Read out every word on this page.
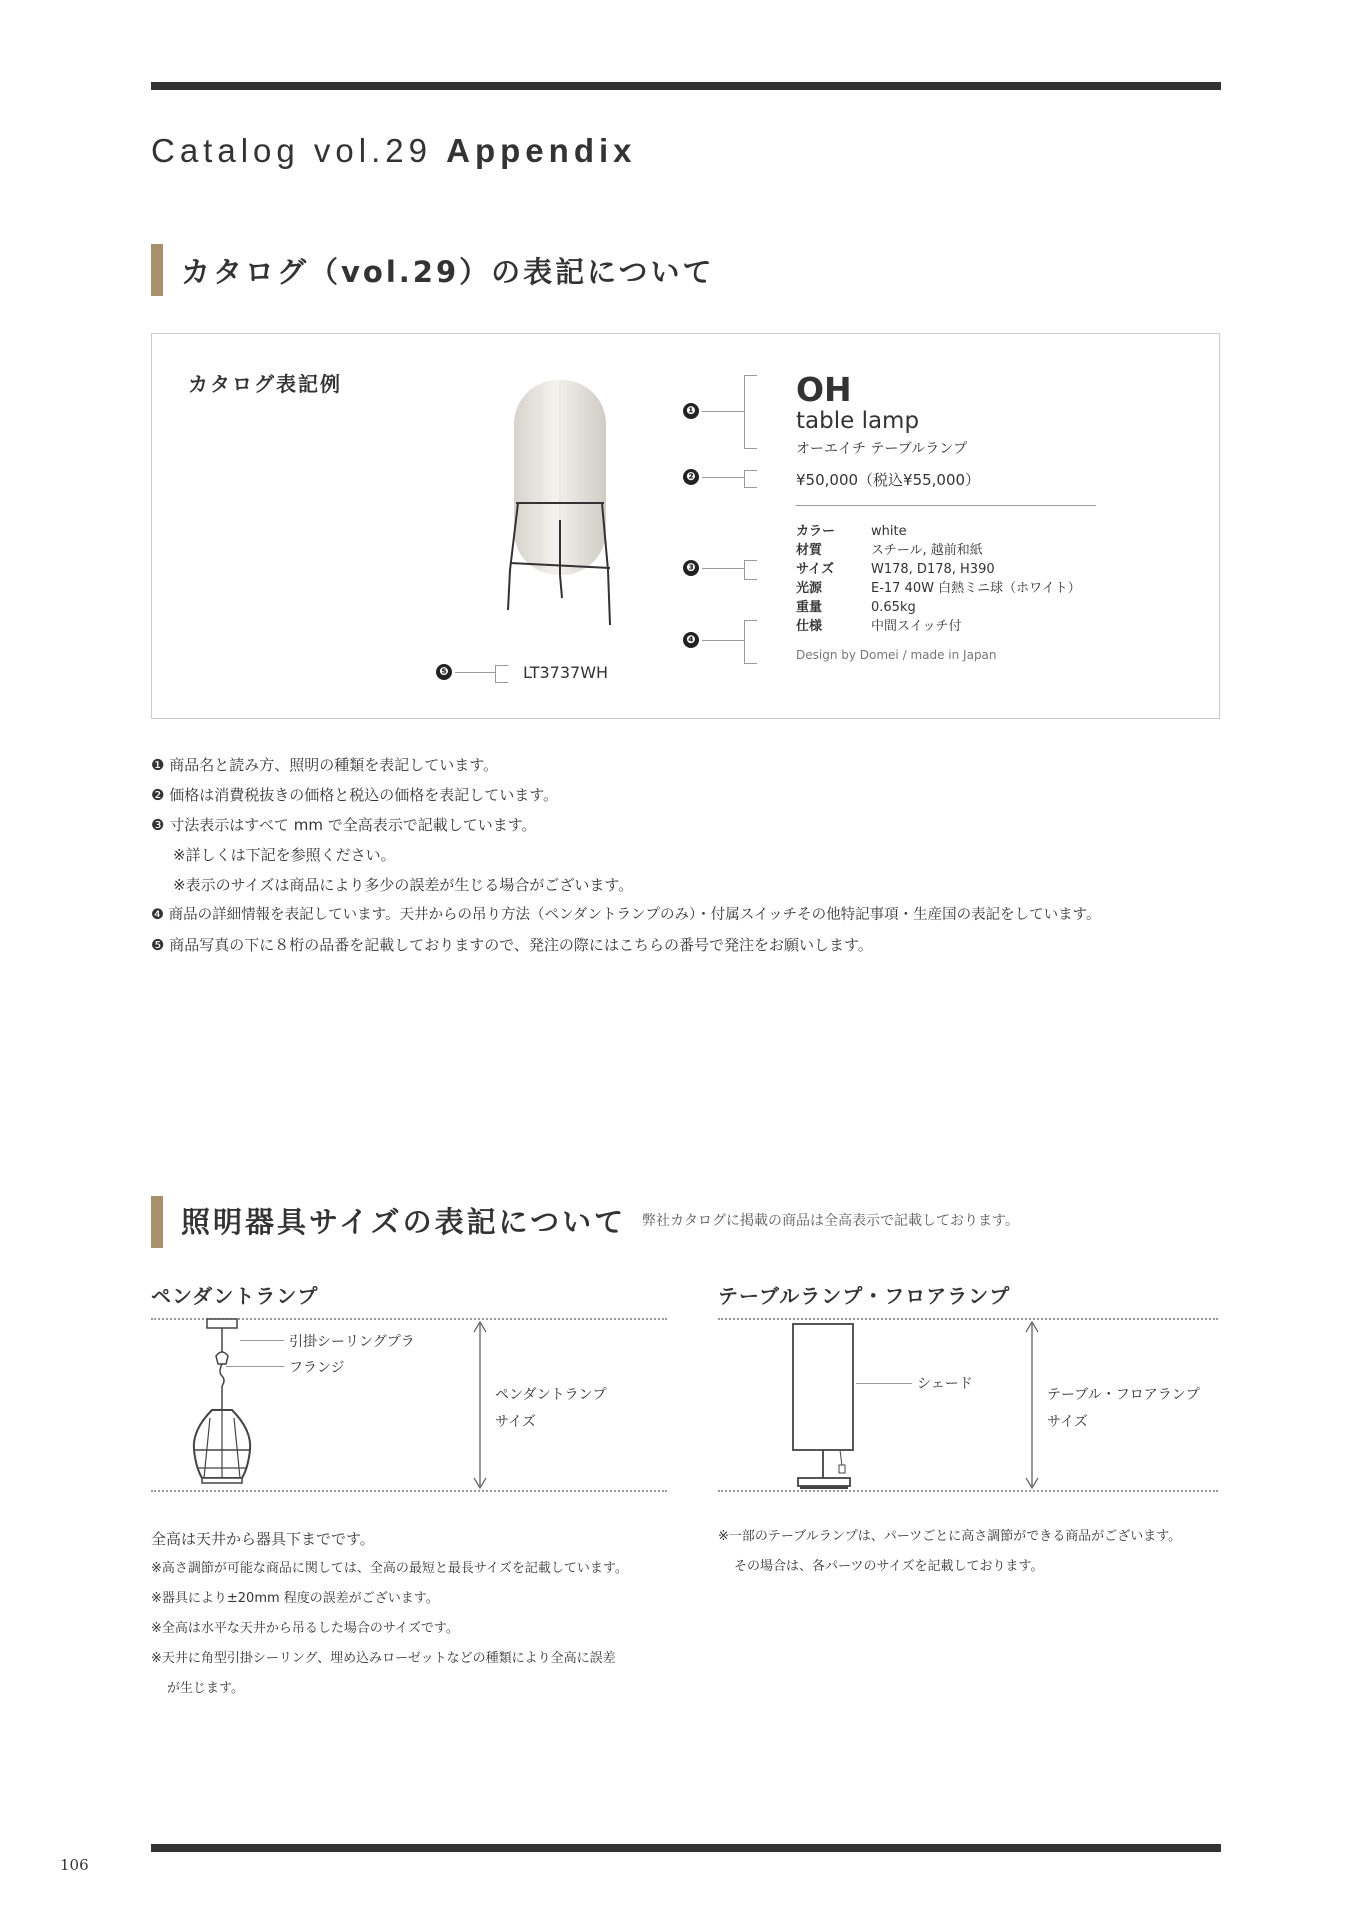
Catalog vol.29 Appendix
カタログ（vol.29）の表記について
カタログ表記例
❶
❷
❸
❹
❺	LT3737WH
OH
table lamp
オーエイチ テーブルランプ
¥50,000（税込¥55,000）
カラー	white
材質	スチール, 越前和紙
サイズ	W178, D178, H390
光源	E-17 40W 白熱ミニ球（ホワイト）
重量	0.65kg
仕様	中間スイッチ付
Design by Domei / made in Japan
❶ 商品名と読み方、照明の種類を表記しています。
❷ 価格は消費税抜きの価格と税込の価格を表記しています。
❸ 寸法表示はすべて mm で全高表示で記載しています。
※詳しくは下記を参照ください。
※表示のサイズは商品により多少の誤差が生じる場合がございます。
❹ 商品の詳細情報を表記しています。天井からの吊り方法（ペンダントランプのみ）・付属スイッチその他特記事項・生産国の表記をしています。
❺ 商品写真の下に８桁の品番を記載しておりますので、発注の際にはこちらの番号で発注をお願いします。
照明器具サイズの表記について 弊社カタログに掲載の商品は全高表示で記載しております。
ペンダントランプ
引掛シーリングプラ
フランジ
ペンダントランプ
サイズ
全高は天井から器具下までです。
※高さ調節が可能な商品に関しては、全高の最短と最長サイズを記載しています。
※器具により±20mm 程度の誤差がございます。
※全高は水平な天井から吊るした場合のサイズです。
※天井に角型引掛シーリング、埋め込みローゼットなどの種類により全高に誤差
が生じます。
テーブルランプ・フロアランプ
シェード
テーブル・フロアランプ
サイズ
※一部のテーブルランプは、パーツごとに高さ調節ができる商品がございます。
その場合は、各パーツのサイズを記載しております。
106
